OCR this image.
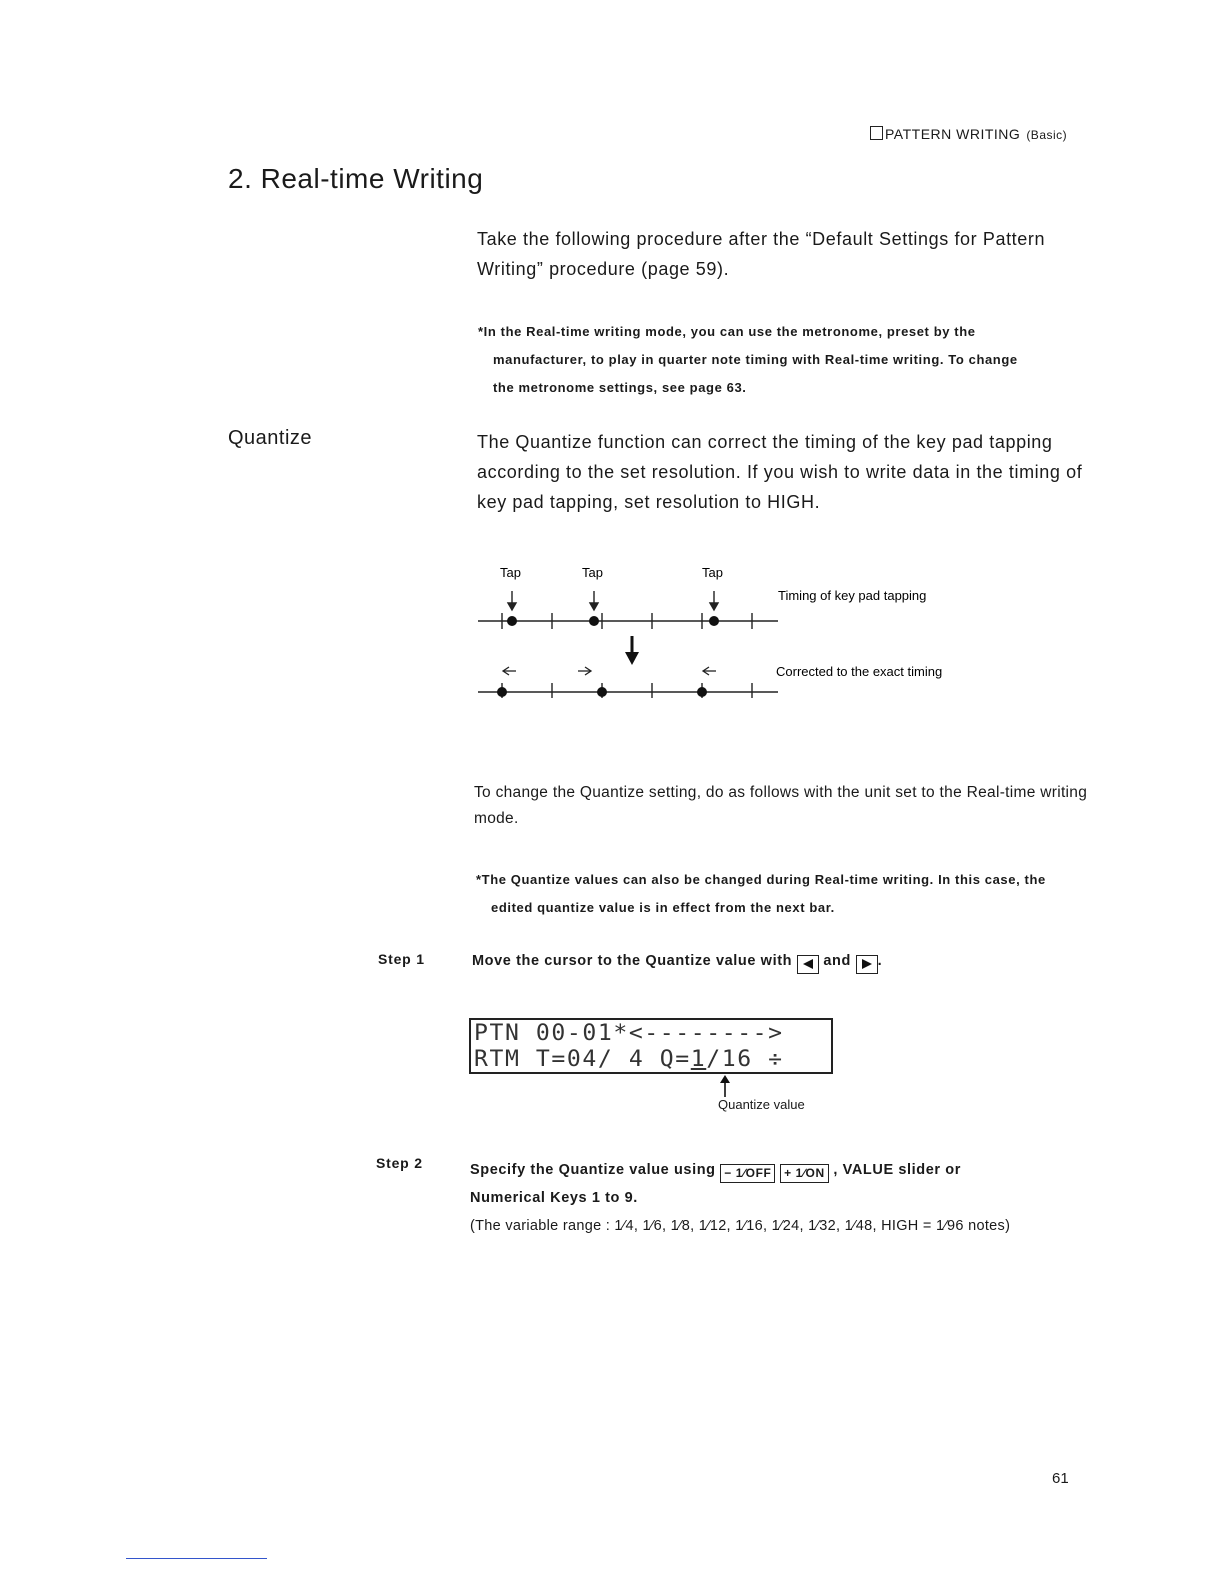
PATTERN WRITING (Basic)
2. Real-time Writing
Take the following procedure after the “Default Settings for Pattern Writing” procedure (page 59).
*In the Real-time writing mode, you can use the metronome, preset by the
manufacturer, to play in quarter note timing with Real-time writing. To change
the metronome settings, see page 63.
Quantize	The Quantize function can correct the timing of the key pad tapping according to the set resolution. If you wish to write data in the timing of key pad tapping, set resolution to HIGH.
Tap	Tap	Tap
Timing of key pad tapping
Corrected to the exact timing
To change the Quantize setting, do as follows with the unit set to the Real-time writing mode.
*The Quantize values can also be changed during Real-time writing. In this case, the
edited quantize value is in effect from the next bar.
Step 1	Move the cursor to the Quantize value with and .
PTN 00-01*<-------->
RTM T=04/ 4 Q=1/16 ÷
Quantize value
Step 2	Specify the Quantize value using − 1∕OFF + 1∕ON , VALUE slider or
Numerical Keys 1 to 9.
(The variable range : 1∕4, 1∕6, 1∕8, 1∕12, 1∕16, 1∕24, 1∕32, 1∕48, HIGH = 1∕96 notes)
61
